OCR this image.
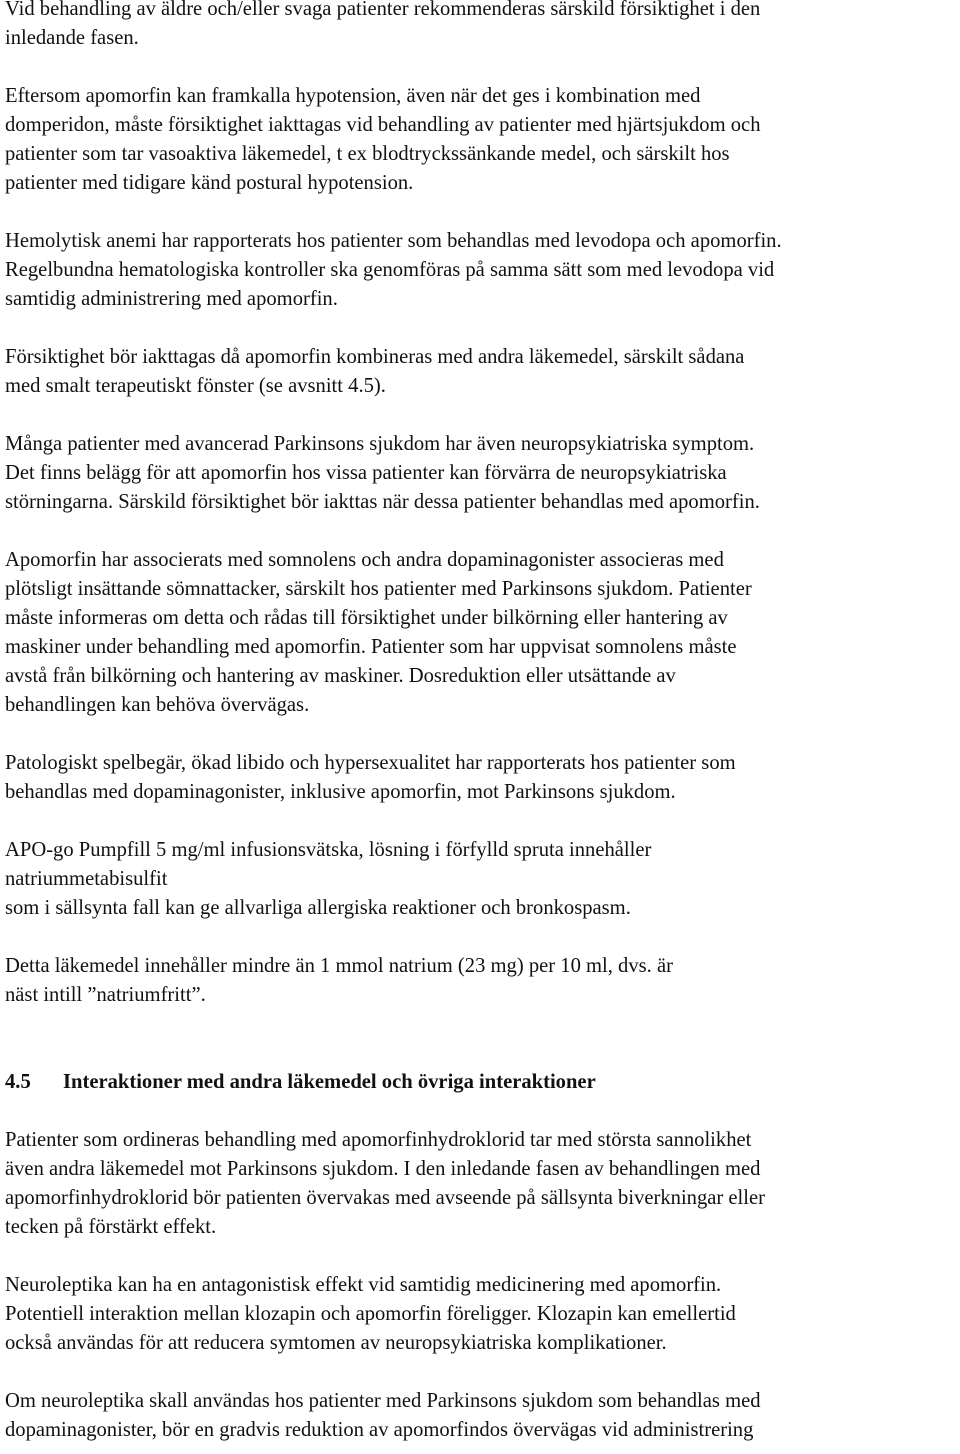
Vid behandling av äldre och/eller svaga patienter rekommenderas särskild försiktighet i den
inledande fasen.

Eftersom apomorfin kan framkalla hypotension, även när det ges i kombination med
domperidon, måste försiktighet iakttagas vid behandling av patienter med hjärtsjukdom och
patienter som tar vasoaktiva läkemedel, t ex blodtryckssänkande medel, och särskilt hos
patienter med tidigare känd postural hypotension.

Hemolytisk anemi har rapporterats hos patienter som behandlas med levodopa och apomorfin.
Regelbundna hematologiska kontroller ska genomföras på samma sätt som med levodopa vid
samtidig administrering med apomorfin.

Försiktighet bör iakttagas då apomorfin kombineras med andra läkemedel, särskilt sådana
med smalt terapeutiskt fönster (se avsnitt 4.5).

Många patienter med avancerad Parkinsons sjukdom har även neuropsykiatriska symptom.
Det finns belägg för att apomorfin hos vissa patienter kan förvärra de neuropsykiatriska
störningarna. Särskild försiktighet bör iakttas när dessa patienter behandlas med apomorfin.

Apomorfin har associerats med somnolens och andra dopaminagonister associeras med
plötsligt insättande sömnattacker, särskilt hos patienter med Parkinsons sjukdom. Patienter
måste informeras om detta och rådas till försiktighet under bilkörning eller hantering av
maskiner under behandling med apomorfin. Patienter som har uppvisat somnolens måste
avstå från bilkörning och hantering av maskiner. Dosreduktion eller utsättande av
behandlingen kan behöva övervägas.

Patologiskt spelbegär, ökad libido och hypersexualitet har rapporterats hos patienter som
behandlas med dopaminagonister, inklusive apomorfin, mot Parkinsons sjukdom.

APO-go Pumpfill 5 mg/ml infusionsvätska, lösning i förfylld spruta innehåller
natriummetabisulfit
som i sällsynta fall kan ge allvarliga allergiska reaktioner och bronkospasm.

Detta läkemedel innehåller mindre än 1 mmol natrium (23 mg) per 10 ml, dvs. är
näst intill ”natriumfritt”.

4.5	Interaktioner med andra läkemedel och övriga interaktioner

Patienter som ordineras behandling med apomorfinhydroklorid tar med största sannolikhet
även andra läkemedel mot Parkinsons sjukdom. I den inledande fasen av behandlingen med
apomorfinhydroklorid bör patienten övervakas med avseende på sällsynta biverkningar eller
tecken på förstärkt effekt.

Neuroleptika kan ha en antagonistisk effekt vid samtidig medicinering med apomorfin.
Potentiell interaktion mellan klozapin och apomorfin föreligger. Klozapin kan emellertid
också användas för att reducera symtomen av neuropsykiatriska komplikationer.

Om neuroleptika skall användas hos patienter med Parkinsons sjukdom som behandlas med
dopaminagonister, bör en gradvis reduktion av apomorfindos övervägas vid administrering
